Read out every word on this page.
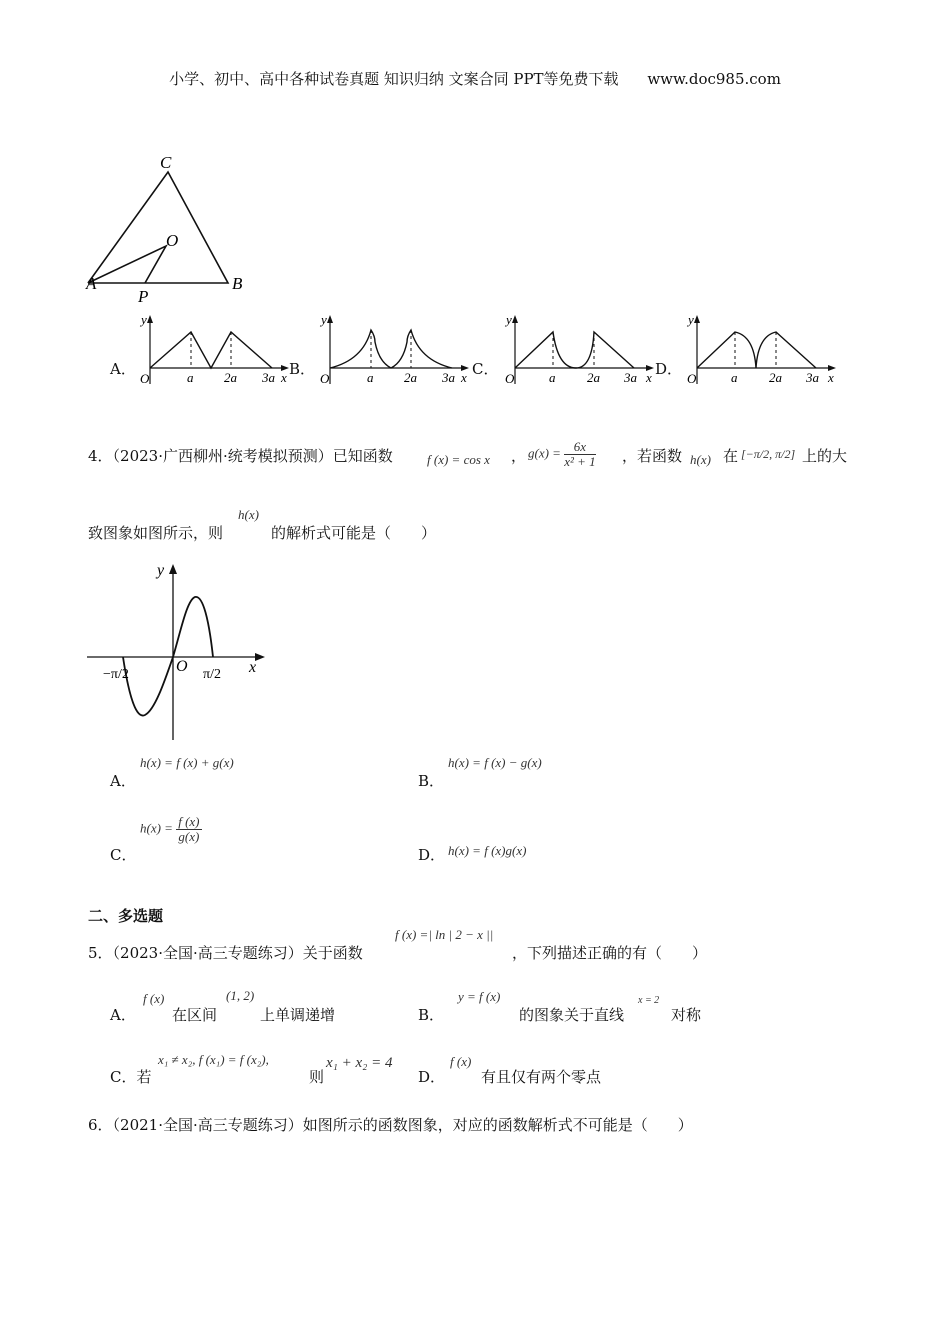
小学、初中、高中各种试卷真题 知识归纳 文案合同 PPT等免费下载 www.doc985.com
C
O
A	B
P
A．
y
O	a 2a 3a x B．
y
O	a 2a 3a x C．
y
O	a 2a 3a x D．
y
O	a 2a 3a x
4．（2023·广西柳州·统考模拟预测）已知函数	f (x) = cos x ， $g(x) = \frac{6x}{\text{x² + 1}}$ ，若函数 h(x) 在 [−π/2, π/2] 上的大
致图象如图所示，则
h(x)
的解析式可能是（　　）
y
x
O
−π/2	π/2
A．
h(x) = f (x) + g(x)
B．
h(x) = f (x) − g(x)
C．
$h(x) = \frac{f (x)}{g(x)}$
D． h(x) = f (x)g(x)
二、多选题
5．（2023·全国·高三专题练习）关于函数
f (x) =| ln | 2 − x ||
，下列描述正确的有（　　）
A．
f (x)
在区间
(1, 2)
上单调递增	B．
y = f (x)
的图象关于直线
x = 2
对称
C．若
x₁ ≠ x₂, f (x₁) = f (x₂),
则
x₁ + x₂ = 4
D．
f (x)
有且仅有两个零点
6．（2021·全国·高三专题练习）如图所示的函数图象，对应的函数解析式不可能是（　　）
